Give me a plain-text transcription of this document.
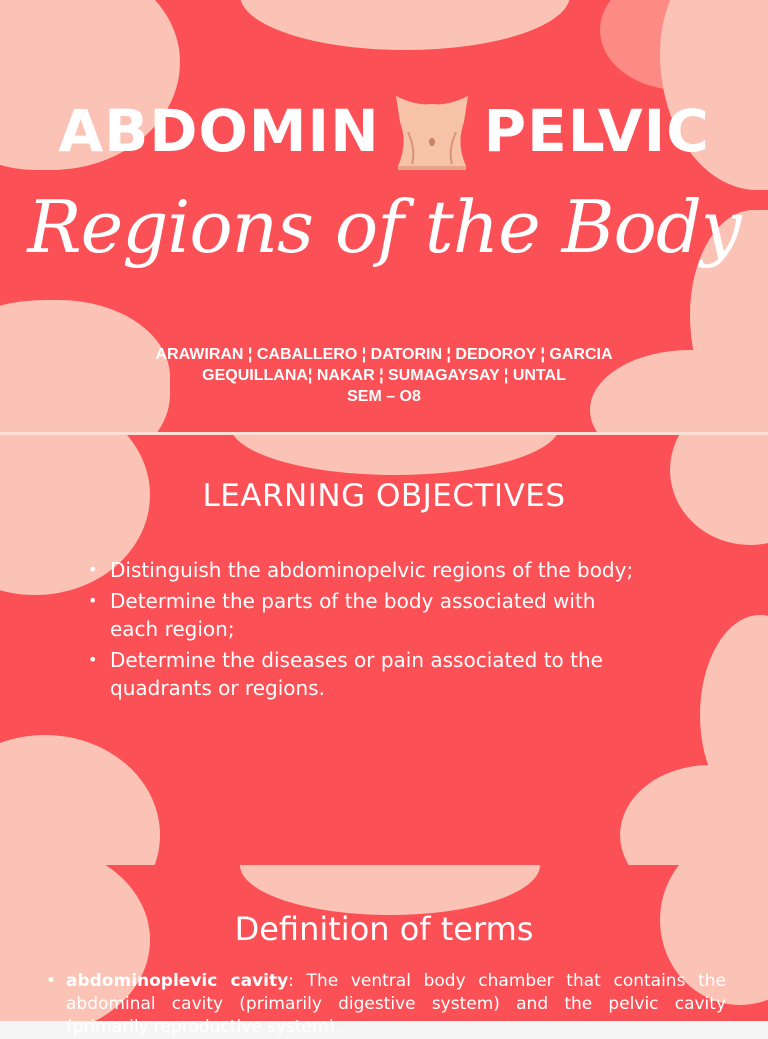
ABDOMIN PELVIC
Regions of the Body
ARAWIRAN ¦ CABALLERO ¦ DATORIN ¦ DEDOROY ¦ GARCIA
GEQUILLANA¦ NAKAR ¦ SUMAGAYSAY ¦ UNTAL
SEM – O8
LEARNING OBJECTIVES
• Distinguish the abdominopelvic regions of the body;
• Determine the parts of the body associated with each region;
• Determine the diseases or pain associated to the quadrants or regions.
Definition of terms
• abdominoplevic cavity: The ventral body chamber that contains the abdominal cavity (primarily digestive system) and the pelvic cavity (primarily reproductive system).
